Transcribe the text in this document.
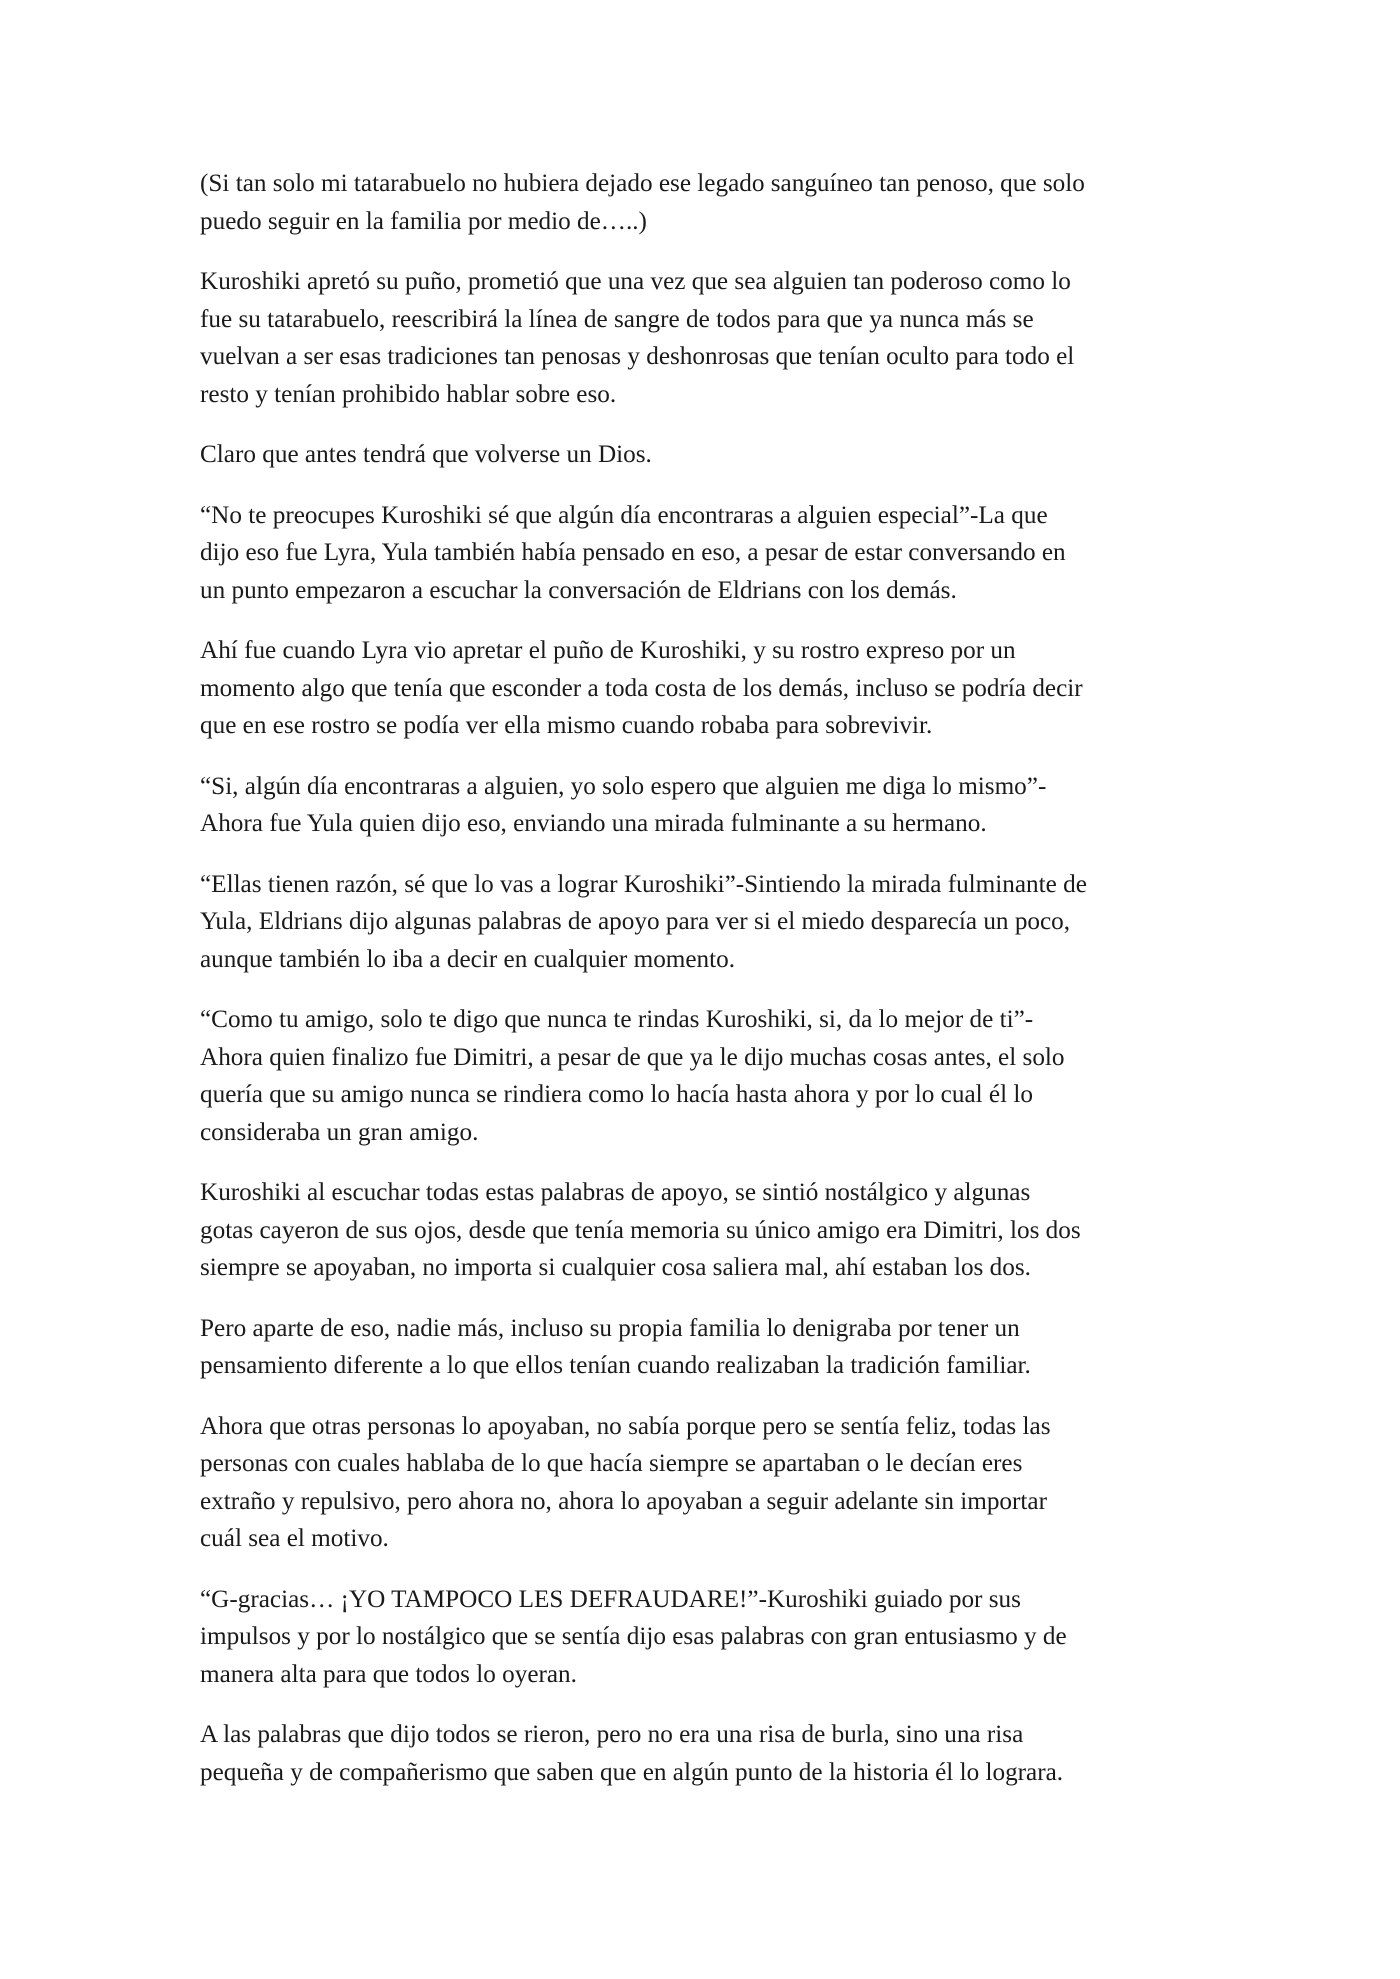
(Si tan solo mi tatarabuelo no hubiera dejado ese legado sanguíneo tan penoso, que solo
puedo seguir en la familia por medio de…..)

Kuroshiki apretó su puño, prometió que una vez que sea alguien tan poderoso como lo
fue su tatarabuelo, reescribirá la línea de sangre de todos para que ya nunca más se
vuelvan a ser esas tradiciones tan penosas y deshonrosas que tenían oculto para todo el
resto y tenían prohibido hablar sobre eso.

Claro que antes tendrá que volverse un Dios.

“No te preocupes Kuroshiki sé que algún día encontraras a alguien especial”-La que
dijo eso fue Lyra, Yula también había pensado en eso, a pesar de estar conversando en
un punto empezaron a escuchar la conversación de Eldrians con los demás.

Ahí fue cuando Lyra vio apretar el puño de Kuroshiki, y su rostro expreso por un
momento algo que tenía que esconder a toda costa de los demás, incluso se podría decir
que en ese rostro se podía ver ella mismo cuando robaba para sobrevivir.

“Si, algún día encontraras a alguien, yo solo espero que alguien me diga lo mismo”-
Ahora fue Yula quien dijo eso, enviando una mirada fulminante a su hermano.

“Ellas tienen razón, sé que lo vas a lograr Kuroshiki”-Sintiendo la mirada fulminante de
Yula, Eldrians dijo algunas palabras de apoyo para ver si el miedo desparecía un poco,
aunque también lo iba a decir en cualquier momento.

“Como tu amigo, solo te digo que nunca te rindas Kuroshiki, si, da lo mejor de ti”-
Ahora quien finalizo fue Dimitri, a pesar de que ya le dijo muchas cosas antes, el solo
quería que su amigo nunca se rindiera como lo hacía hasta ahora y por lo cual él lo
consideraba un gran amigo.

Kuroshiki al escuchar todas estas palabras de apoyo, se sintió nostálgico y algunas
gotas cayeron de sus ojos, desde que tenía memoria su único amigo era Dimitri, los dos
siempre se apoyaban, no importa si cualquier cosa saliera mal, ahí estaban los dos.

Pero aparte de eso, nadie más, incluso su propia familia lo denigraba por tener un
pensamiento diferente a lo que ellos tenían cuando realizaban la tradición familiar.

Ahora que otras personas lo apoyaban, no sabía porque pero se sentía feliz, todas las
personas con cuales hablaba de lo que hacía siempre se apartaban o le decían eres
extraño y repulsivo, pero ahora no, ahora lo apoyaban a seguir adelante sin importar
cuál sea el motivo.

“G-gracias… ¡YO TAMPOCO LES DEFRAUDARE!”-Kuroshiki guiado por sus
impulsos y por lo nostálgico que se sentía dijo esas palabras con gran entusiasmo y de
manera alta para que todos lo oyeran.

A las palabras que dijo todos se rieron, pero no era una risa de burla, sino una risa
pequeña y de compañerismo que saben que en algún punto de la historia él lo lograra.
